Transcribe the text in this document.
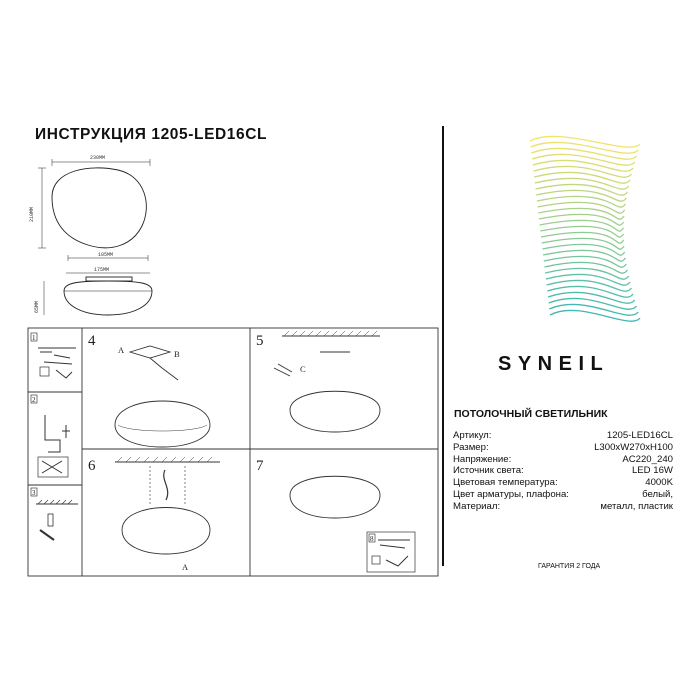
ИНСТРУКЦИЯ 1205-LED16CL
230MM
210MM
105MM
175MM
65MM
1
2
3
4
A	B
5
C
6
A
7
8
SYNEIL
ПОТОЛОЧНЫЙ СВЕТИЛЬНИК
Артикул:	1205-LED16CL
Размер:	L300xW270xH100
Напряжение:	AC220_240
Источник света:	LED 16W
Цветовая температура:	4000K
Цвет арматуры, плафона:	белый,
Материал:	металл, пластик
ГАРАНТИЯ 2 ГОДА
